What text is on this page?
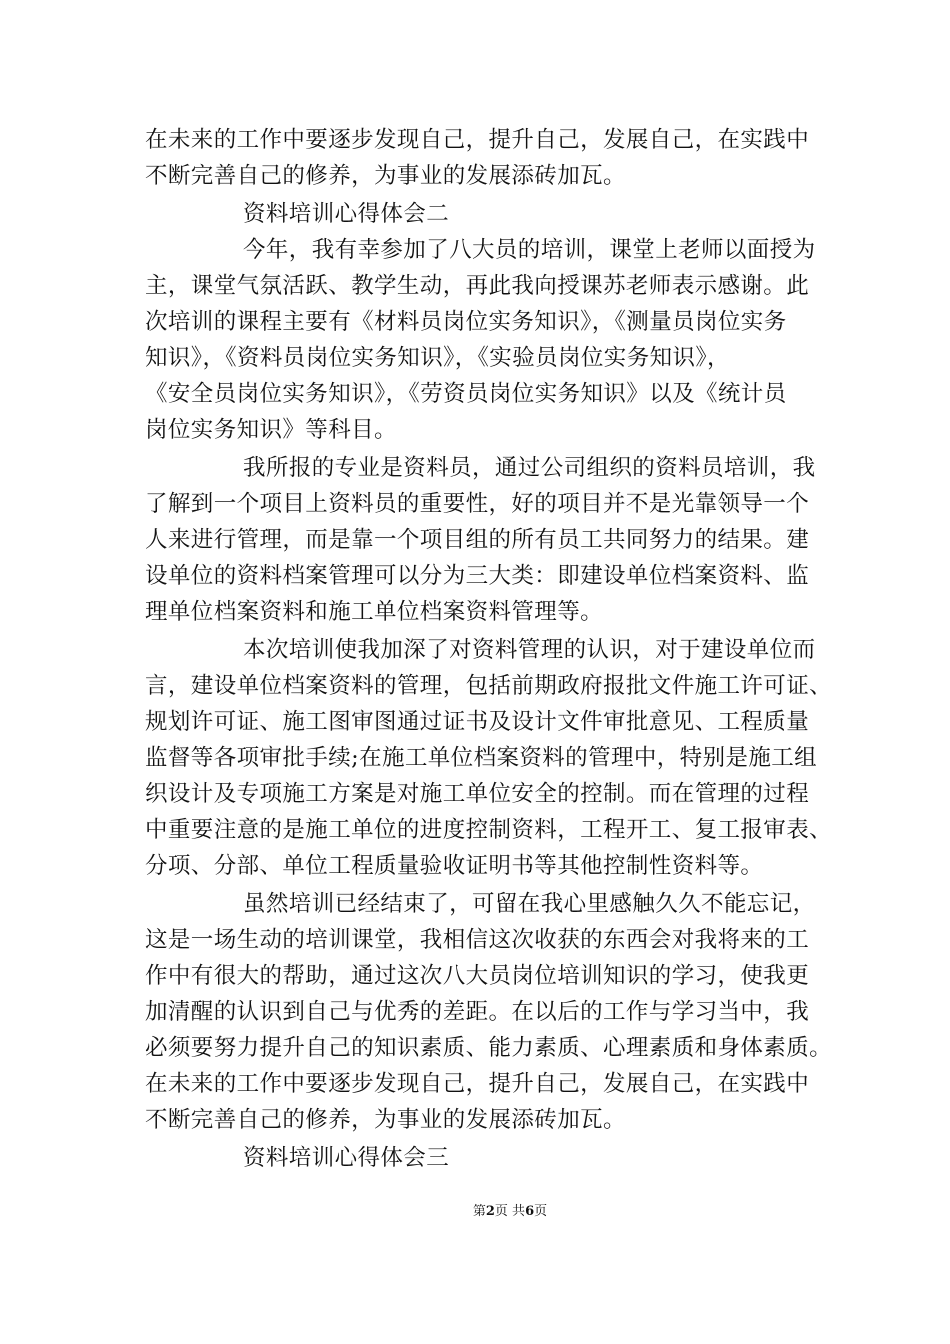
在未来的工作中要逐步发现自己，提升自己，发展自己，在实践中
不断完善自己的修养，为事业的发展添砖加瓦。
资料培训心得体会二
今年，我有幸参加了八大员的培训，课堂上老师以面授为
主，课堂气氛活跃、教学生动，再此我向授课苏老师表示感谢。此
次培训的课程主要有《材料员岗位实务知识》，《测量员岗位实务
知识》，《资料员岗位实务知识》，《实验员岗位实务知识》，
《安全员岗位实务知识》，《劳资员岗位实务知识》以及《统计员
岗位实务知识》等科目。
我所报的专业是资料员，通过公司组织的资料员培训，我
了解到一个项目上资料员的重要性，好的项目并不是光靠领导一个
人来进行管理，而是靠一个项目组的所有员工共同努力的结果。建
设单位的资料档案管理可以分为三大类：即建设单位档案资料、监
理单位档案资料和施工单位档案资料管理等。
本次培训使我加深了对资料管理的认识，对于建设单位而
言，建设单位档案资料的管理，包括前期政府报批文件施工许可证、
规划许可证、施工图审图通过证书及设计文件审批意见、工程质量
监督等各项审批手续;在施工单位档案资料的管理中，特别是施工组
织设计及专项施工方案是对施工单位安全的控制。而在管理的过程
中重要注意的是施工单位的进度控制资料，工程开工、复工报审表、
分项、分部、单位工程质量验收证明书等其他控制性资料等。
虽然培训已经结束了，可留在我心里感触久久不能忘记，
这是一场生动的培训课堂，我相信这次收获的东西会对我将来的工
作中有很大的帮助，通过这次八大员岗位培训知识的学习，使我更
加清醒的认识到自己与优秀的差距。在以后的工作与学习当中，我
必须要努力提升自己的知识素质、能力素质、心理素质和身体素质。
在未来的工作中要逐步发现自己，提升自己，发展自己，在实践中
不断完善自己的修养，为事业的发展添砖加瓦。
资料培训心得体会三
第2页 共6页
